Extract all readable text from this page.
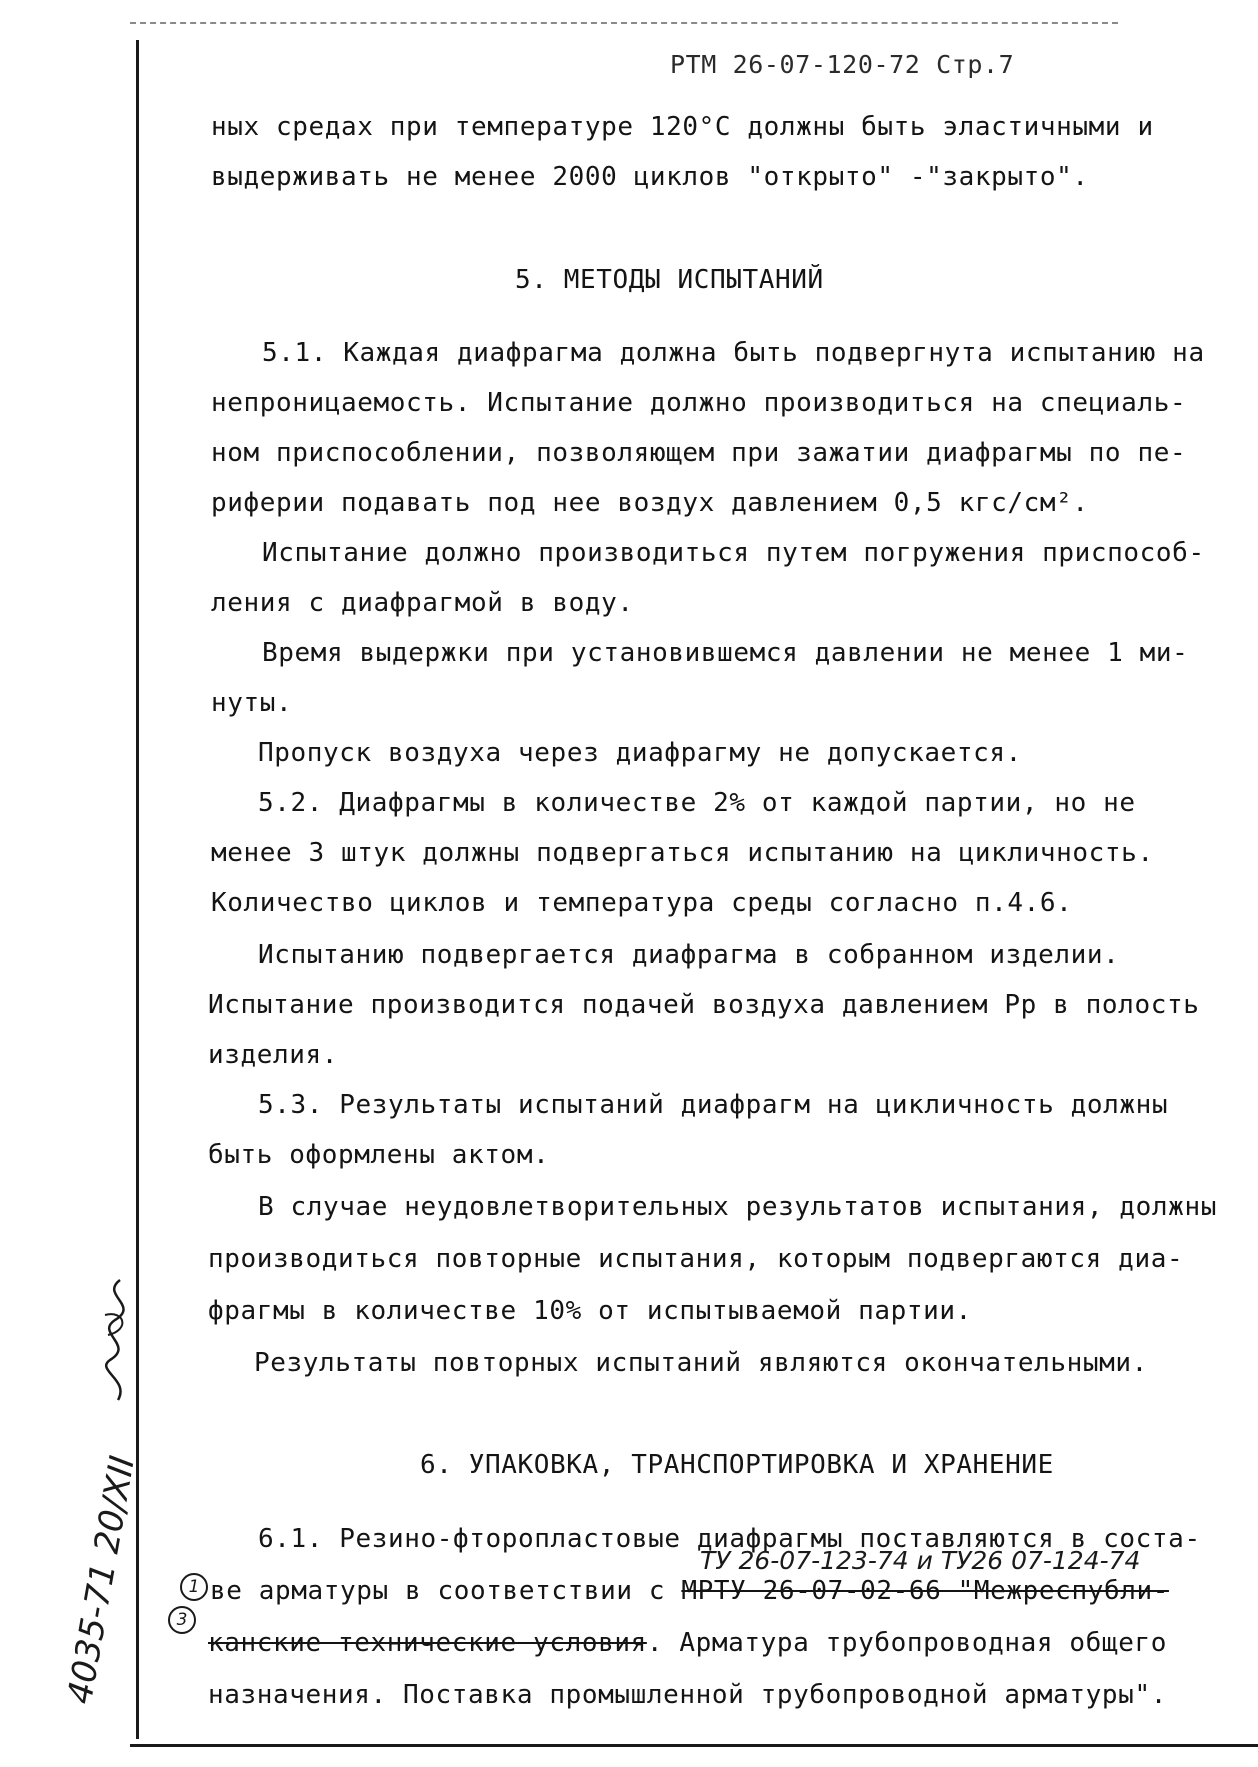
РТМ 26-07-120-72 Стр.7
ных средах при температуре 120°С должны быть эластичными и
выдерживать не менее 2000 циклов "открыто" -"закрыто".
5. МЕТОДЫ ИСПЫТАНИЙ
5.1. Каждая диафрагма должна быть подвергнута испытанию на
непроницаемость. Испытание должно производиться на специаль-
ном приспособлении, позволяющем при зажатии диафрагмы по пе-
риферии подавать под нее воздух давлением 0,5 кгс/см².
Испытание должно производиться путем погружения приспособ-
ления с диафрагмой в воду.
Время выдержки при установившемся давлении не менее 1 ми-
нуты.
Пропуск воздуха через диафрагму не допускается.
5.2. Диафрагмы в количестве 2% от каждой партии, но не
менее 3 штук должны подвергаться испытанию на цикличность.
Количество циклов и температура среды согласно п.4.6.
Испытанию подвергается диафрагма в собранном изделии.
Испытание производится подачей воздуха давлением Рр в полость
изделия.
5.3. Результаты испытаний диафрагм на цикличность должны
быть оформлены актом.
В случае неудовлетворительных результатов испытания, должны
производиться повторные испытания, которым подвергаются диа-
фрагмы в количестве 10% от испытываемой партии.
Результаты повторных испытаний являются окончательными.
6. УПАКОВКА, ТРАНСПОРТИРОВКА И ХРАНЕНИЕ
6.1. Резино-фторопластовые диафрагмы поставляются в соста-
ТУ 26-07-123-74 и ТУ26 07-124-74
1 ве арматуры в соответствии с МРТУ 26-07-02-66 "Межреспубли-
3
канские технические условия. Арматура трубопроводная общего
назначения. Поставка промышленной трубопроводной арматуры".
4035-71 20/XII
